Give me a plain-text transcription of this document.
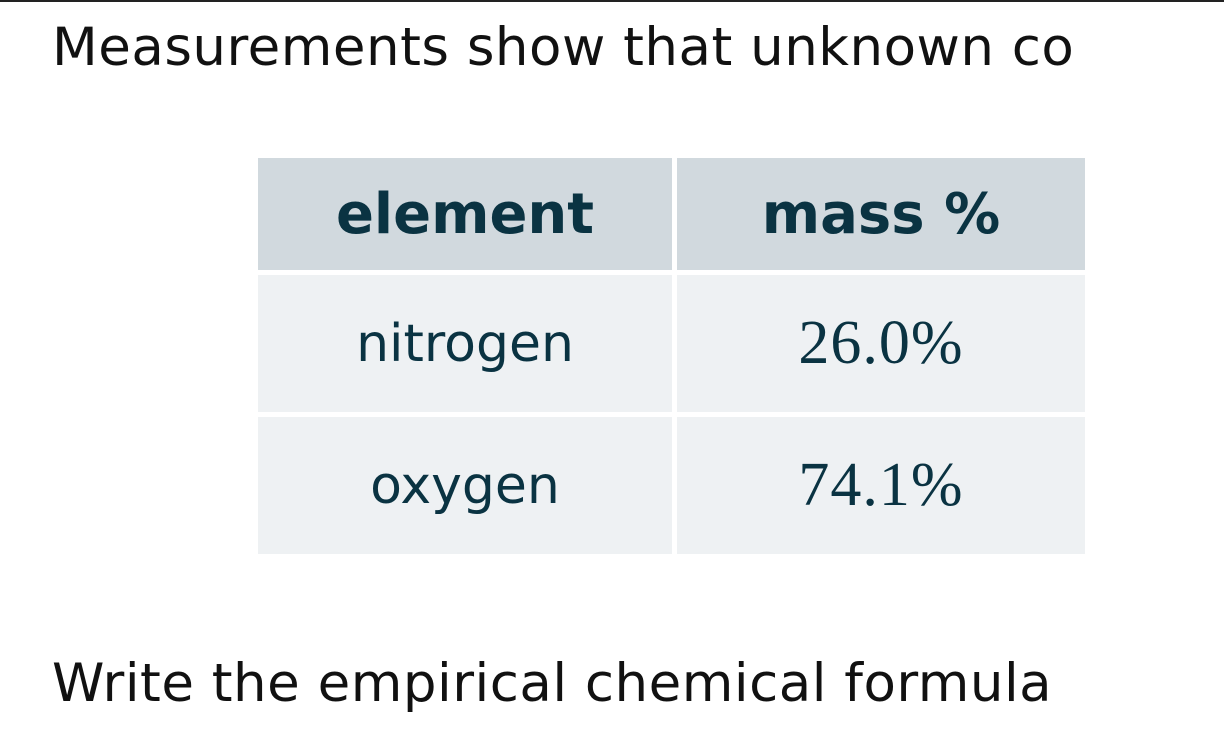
Measurements show that unknown co
element	mass %
nitrogen	26.0%
oxygen	74.1%
Write the empirical chemical formula
